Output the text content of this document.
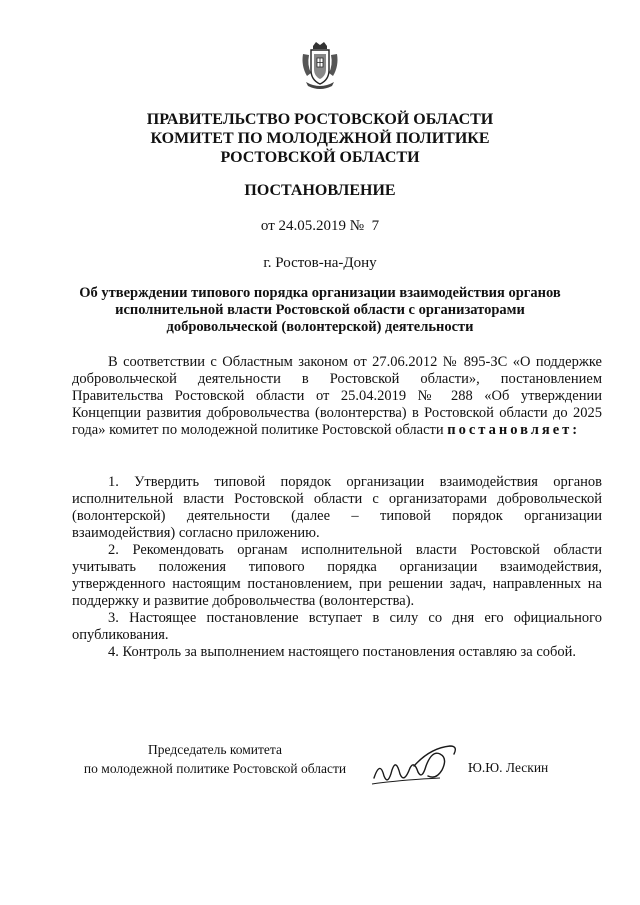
ПРАВИТЕЛЬСТВО РОСТОВСКОЙ ОБЛАСТИ
КОМИТЕТ ПО МОЛОДЕЖНОЙ ПОЛИТИКЕ
РОСТОВСКОЙ ОБЛАСТИ
ПОСТАНОВЛЕНИЕ
от 24.05.2019 №  7
г. Ростов-на-Дону
Об утверждении типового порядка организации взаимодействия органов
исполнительной власти Ростовской области с организаторами
добровольческой (волонтерской) деятельности

В соответствии с Областным законом от 27.06.2012 № 895-ЗС «О поддержке добровольческой деятельности в Ростовской области», постановлением Правительства Ростовской области от 25.04.2019 № 288 «Об утверждении Концепции развития добровольчества (волонтерства) в Ростовской области до 2025 года» комитет по молодежной политике Ростовской области постановляет:

1. Утвердить типовой порядок организации взаимодействия органов исполнительной власти Ростовской области с организаторами добровольческой (волонтерской) деятельности (далее – типовой порядок организации взаимодействия) согласно приложению.

2. Рекомендовать органам исполнительной власти Ростовской области учитывать положения типового порядка организации взаимодействия, утвержденного настоящим постановлением, при решении задач, направленных на поддержку и развитие добровольчества (волонтерства).

3. Настоящее постановление вступает в силу со дня его официального опубликования.

4. Контроль за выполнением настоящего постановления оставляю за собой.

Председатель комитета
по молодежной политике Ростовской области	Ю.Ю. Лескин
